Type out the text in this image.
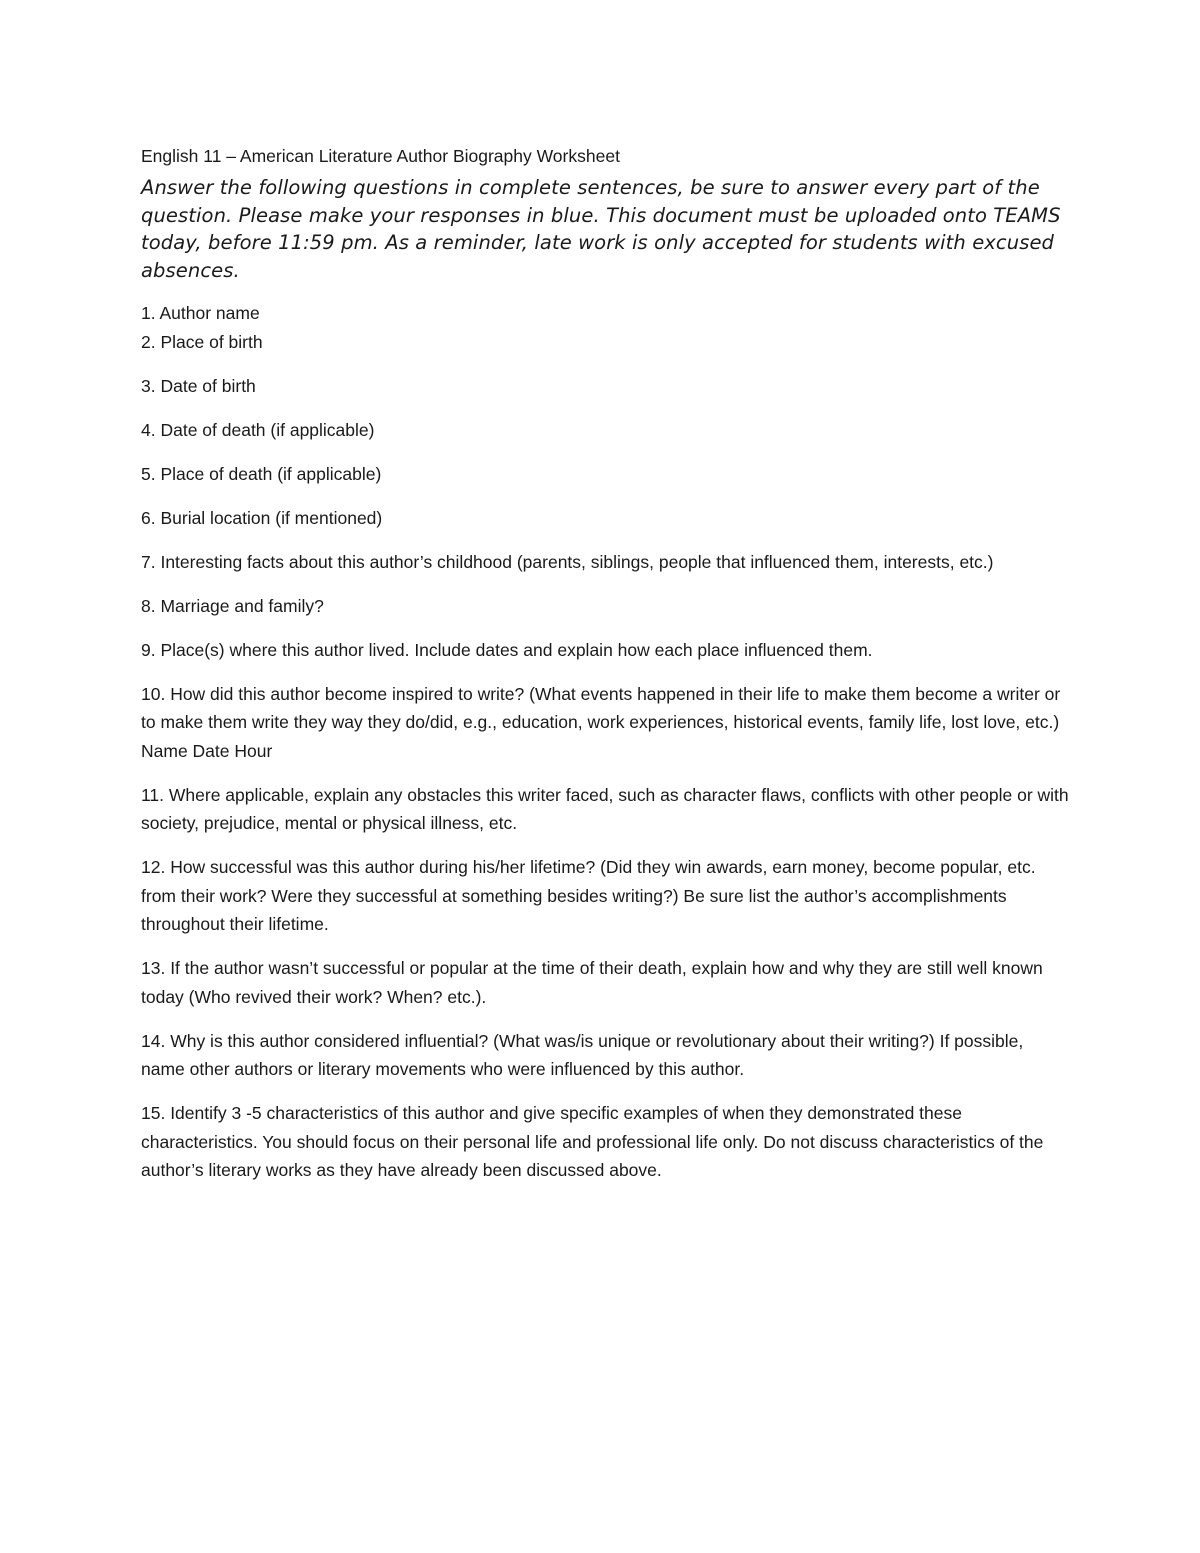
English 11 – American Literature Author Biography Worksheet

Answer the following questions in complete sentences, be sure to answer every part of the question. Please make your responses in blue. This document must be uploaded onto TEAMS today, before 11:59 pm. As a reminder, late work is only accepted for students with excused absences.

1. Author name
2. Place of birth
3. Date of birth
4. Date of death (if applicable)
5. Place of death (if applicable)
6. Burial location (if mentioned)
7. Interesting facts about this author’s childhood (parents, siblings, people that influenced them, interests, etc.)
8. Marriage and family?
9. Place(s) where this author lived. Include dates and explain how each place influenced them.
10. How did this author become inspired to write? (What events happened in their life to make them become a writer or to make them write they way they do/did, e.g., education, work experiences, historical events, family life, lost love, etc.) Name Date Hour
11. Where applicable, explain any obstacles this writer faced, such as character flaws, conflicts with other people or with society, prejudice, mental or physical illness, etc.
12. How successful was this author during his/her lifetime? (Did they win awards, earn money, become popular, etc. from their work? Were they successful at something besides writing?) Be sure list the author’s accomplishments throughout their lifetime.
13. If the author wasn’t successful or popular at the time of their death, explain how and why they are still well known today (Who revived their work? When? etc.).
14. Why is this author considered influential? (What was/is unique or revolutionary about their writing?) If possible, name other authors or literary movements who were influenced by this author.
15. Identify 3 -5 characteristics of this author and give specific examples of when they demonstrated these characteristics. You should focus on their personal life and professional life only. Do not discuss characteristics of the author’s literary works as they have already been discussed above.
